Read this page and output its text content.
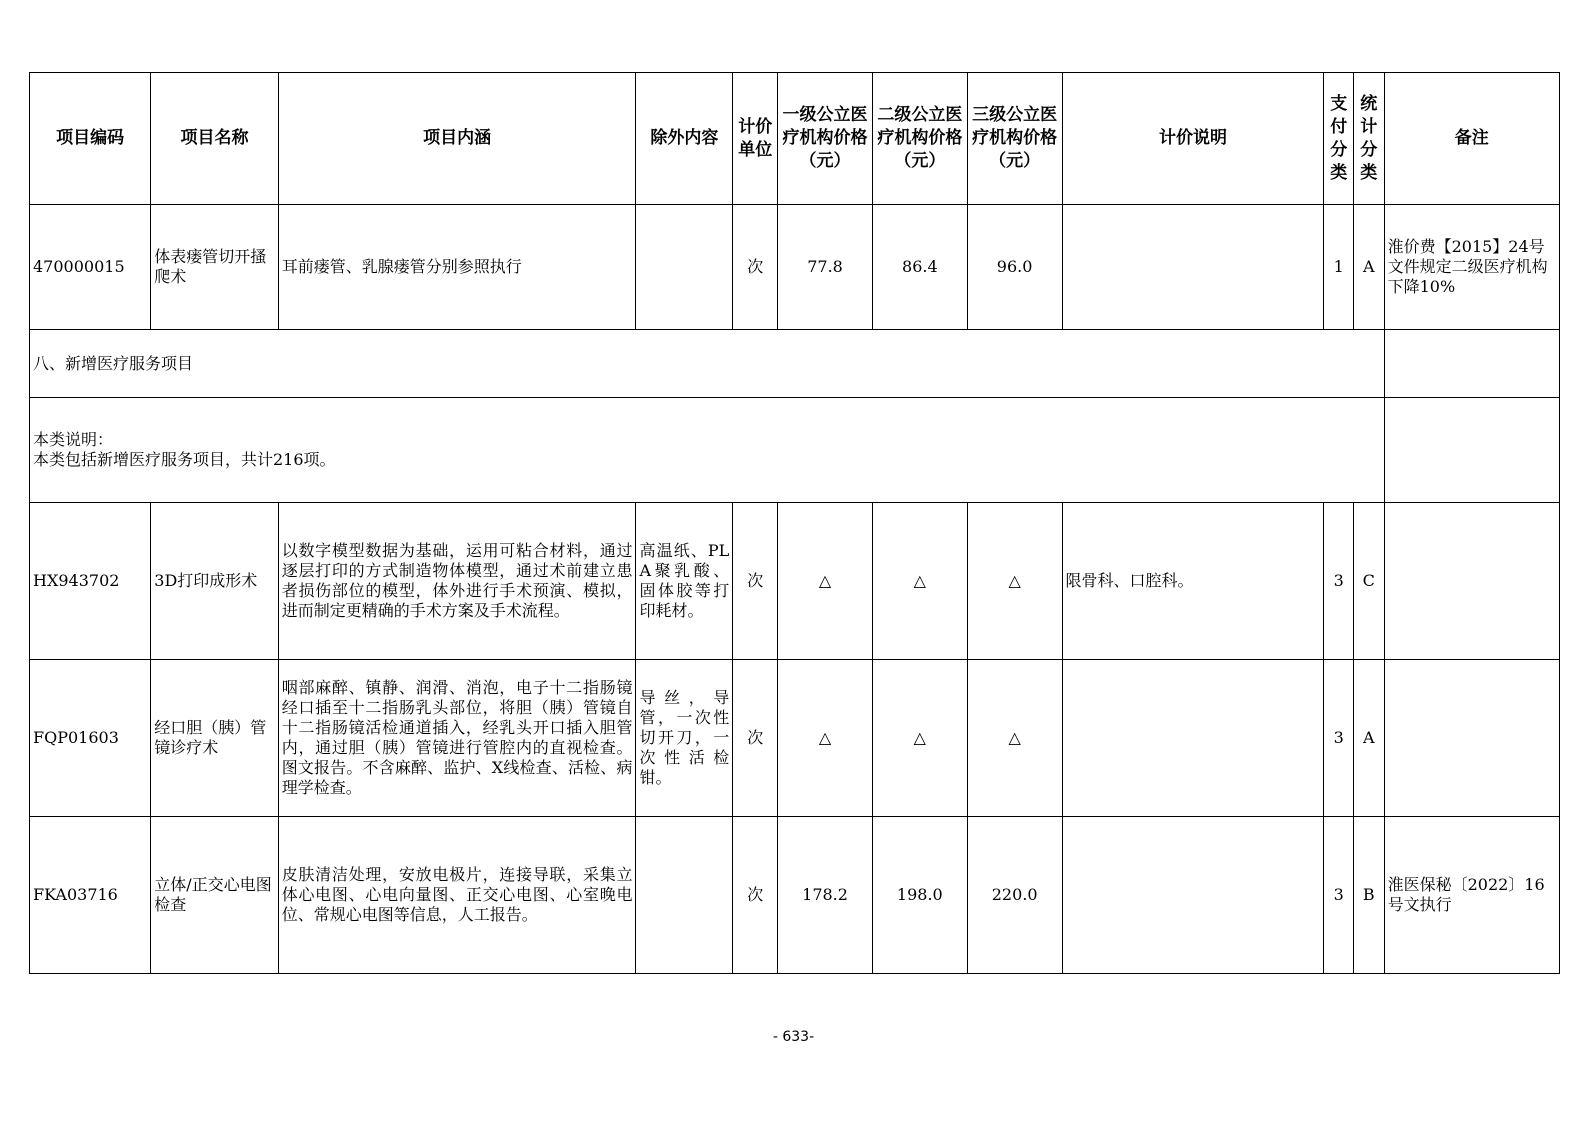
项目编码	项目名称	项目内涵	除外内容	计价单位	一级公立医疗机构价格（元）	二级公立医疗机构价格（元）	三级公立医疗机构价格（元）	计价说明	支付分类	统计分类	备注
470000015	体表瘘管切开搔爬术	耳前瘘管、乳腺瘘管分别参照执行		次	77.8	86.4	96.0		1	A	淮价费【2015】24号文件规定二级医疗机构下降10%
八、新增医疗服务项目											

本类说明：
本类包括新增医疗服务项目，共计216项。											

HX943702	3D打印成形术	以数字模型数据为基础，运用可粘合材料，通过逐层打印的方式制造物体模型，通过术前建立患者损伤部位的模型，体外进行手术预演、模拟，进而制定更精确的手术方案及手术流程。	高温纸、PLA聚乳酸、固体胶等打印耗材。	次	△	△	△	限骨科、口腔科。	3	C	
FQP01603	经口胆（胰）管镜诊疗术	咽部麻醉、镇静、润滑、消泡，电子十二指肠镜经口插至十二指肠乳头部位，将胆（胰）管镜自十二指肠镜活检通道插入，经乳头开口插入胆管内，通过胆（胰）管镜进行管腔内的直视检查。图文报告。不含麻醉、监护、X线检查、活检、病理学检查。	导丝，导管，一次性切开刀，一次性活检钳。	次	△	△	△		3	A	
FKA03716	立体/正交心电图检查	皮肤清洁处理，安放电极片，连接导联，采集立体心电图、心电向量图、正交心电图、心室晚电位、常规心电图等信息，人工报告。		次	178.2	198.0	220.0		3	B	淮医保秘〔2022〕16号文执行
- 633-
